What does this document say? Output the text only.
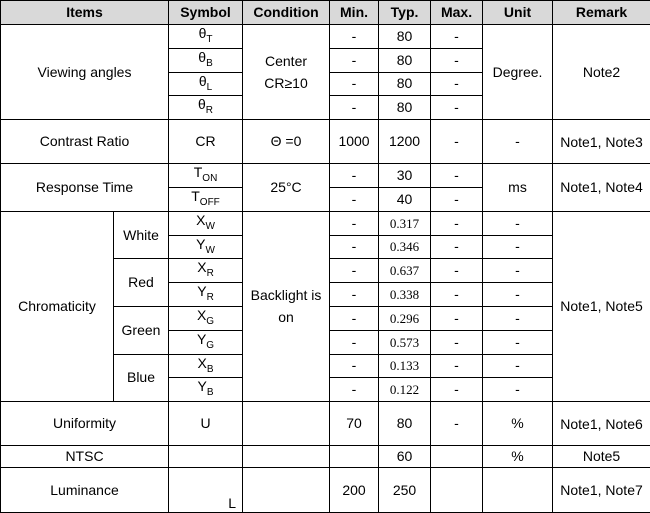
Items		Symbol	Condition	Min.	Typ.	Max.	Unit	Remark
Viewing angles		$\theta_T$	Center CR≥10	-	80	-	Degree.	Note2
		$\theta_B$		-	80	-		
		$\theta_L$		-	80	-		
		$\theta_R$		-	80	-		
Contrast Ratio		CR	Θ =0	1000	1200	-	-	Note1, Note3
Response Time		$T_{ON}$	25°C	-	30	-	ms	Note1, Note4
		$T_{OFF}$		-	40	-		
Chromaticity	White	$X_W$	Backlight is on	-	0.317	-	-	Note1, Note5
		$Y_W$		-	0.346	-	-	
	Red	$X_R$		-	0.637	-	-	
		$Y_R$		-	0.338	-	-	
	Green	$X_G$		-	0.296	-	-	
		$Y_G$		-	0.573	-	-	
	Blue	$X_B$		-	0.133	-	-	
		$Y_B$		-	0.122	-	-	
Uniformity		U		70	80	-	%	Note1, Note6
NTSC					60		%	Note5
Luminance		L		200	250			Note1, Note7
